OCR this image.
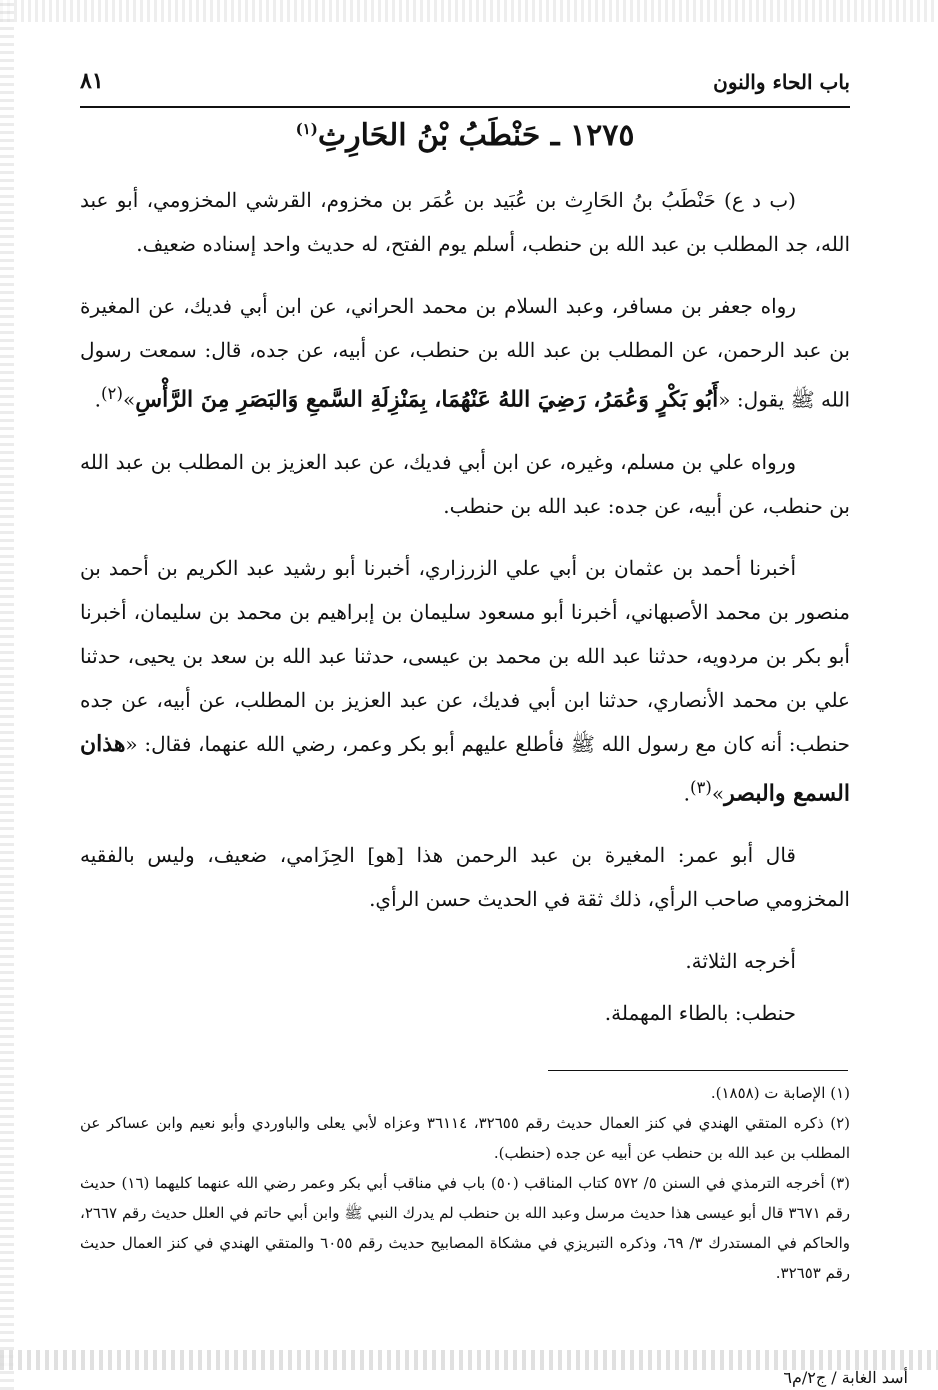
باب الحاء والنون
٨١
١٢٧٥ ـ حَنْطَبُ بْنُ الحَارِثِ$^{(١)}$

(ب د ع) حَنْطَبُ بنُ الحَارِث بن عُبَيد بن عُمَر بن مخزوم، القرشي المخزومي، أبو عبد الله، جد المطلب بن عبد الله بن حنطب، أسلم يوم الفتح، له حديث واحد إسناده ضعيف.

رواه جعفر بن مسافر، وعبد السلام بن محمد الحراني، عن ابن أبي فديك، عن المغيرة بن عبد الرحمن، عن المطلب بن عبد الله بن حنطب، عن أبيه، عن جده، قال: سمعت رسول الله ﷺ يقول: «أَبُو بَكْرٍ وَعُمَرُ، رَضِيَ اللهُ عَنْهُمَا، بِمَنْزِلَةِ السَّمعِ وَالبَصَرِ مِنَ الرَّأْسِ»$^{(٢)}$.

ورواه علي بن مسلم، وغيره، عن ابن أبي فديك، عن عبد العزيز بن المطلب بن عبد الله بن حنطب، عن أبيه، عن جده: عبد الله بن حنطب.

أخبرنا أحمد بن عثمان بن أبي علي الزرزاري، أخبرنا أبو رشيد عبد الكريم بن أحمد بن منصور بن محمد الأصبهاني، أخبرنا أبو مسعود سليمان بن إبراهيم بن محمد بن سليمان، أخبرنا أبو بكر بن مردويه، حدثنا عبد الله بن محمد بن عيسى، حدثنا عبد الله بن سعد بن يحيى، حدثنا علي بن محمد الأنصاري، حدثنا ابن أبي فديك، عن عبد العزيز بن المطلب، عن أبيه، عن جده حنطب: أنه كان مع رسول الله ﷺ فأطلع عليهم أبو بكر وعمر، رضي الله عنهما، فقال: «هذان السمع والبصر»$^{(٣)}$.

قال أبو عمر: المغيرة بن عبد الرحمن هذا [هو] الحِزَامي، ضعيف، وليس بالفقيه المخزومي صاحب الرأي، ذلك ثقة في الحديث حسن الرأي.

أخرجه الثلاثة.

حنطب: بالطاء المهملة.

(١) الإصابة ت (١٨٥٨).

(٢) ذكره المتقي الهندي في كنز العمال حديث رقم ٣٢٦٥٥، ٣٦١١٤ وعزاه لأبي يعلى والباوردي وأبو نعيم وابن عساكر عن المطلب بن عبد الله بن حنطب عن أبيه عن جده (حنطب).

(٣) أخرجه الترمذي في السنن ٥/ ٥٧٢ كتاب المناقب (٥٠) باب في مناقب أبي بكر وعمر رضي الله عنهما كليهما (١٦) حديث رقم ٣٦٧١ قال أبو عيسى هذا حديث مرسل وعبد الله بن حنطب لم يدرك النبي ﷺ وابن أبي حاتم في العلل حديث رقم ٢٦٦٧، والحاكم في المستدرك ٣/ ٦٩، وذكره التبريزي في مشكاة المصابيح حديث رقم ٦٠٥٥ والمتقي الهندي في كنز العمال حديث رقم ٣٢٦٥٣.

أسد الغابة / ج٢/م٦
